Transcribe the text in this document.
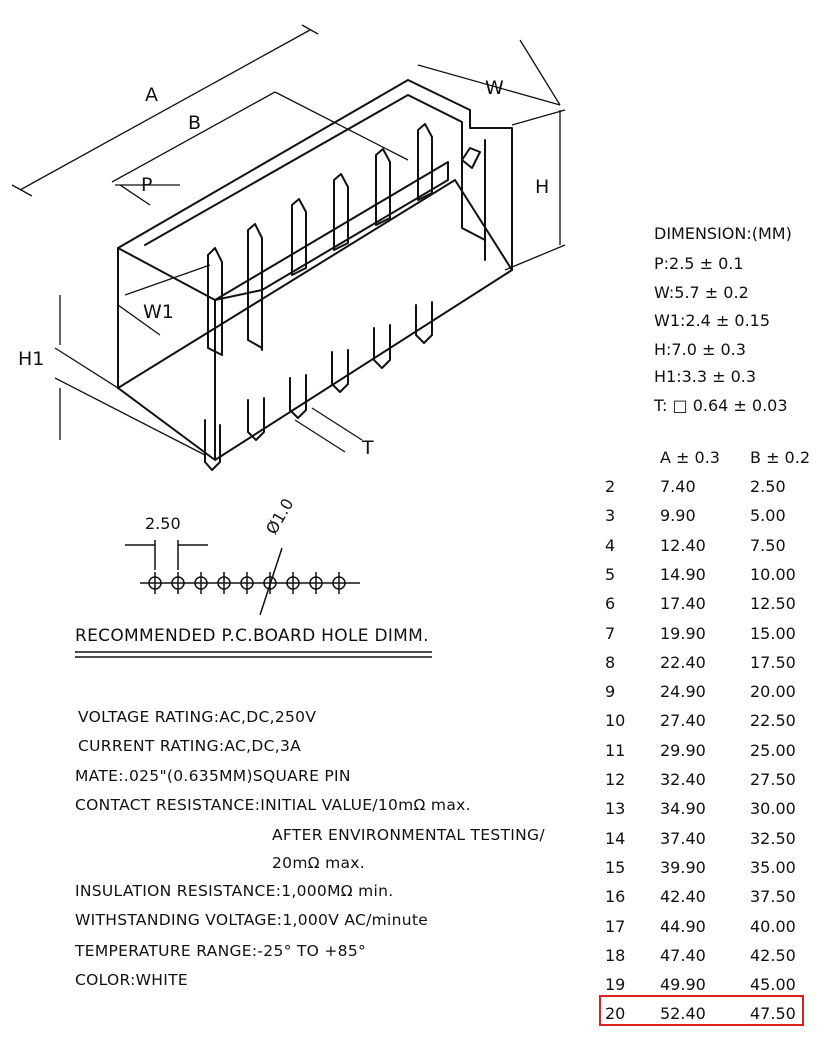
A
B
P
W
H
W1
H1
T
DIMENSION:(MM)
P:2.5 ± 0.1
W:5.7 ± 0.2
W1:2.4 ± 0.15
H:7.0 ± 0.3
H1:3.3 ± 0.3
T: □ 0.64 ± 0.03
2.50	Ø1.0
RECOMMENDED P.C.BOARD HOLE DIMM.
VOLTAGE RATING:AC,DC,250V
CURRENT RATING:AC,DC,3A
MATE:.025"(0.635MM)SQUARE PIN
CONTACT RESISTANCE:INITIAL VALUE/10mΩ max.
AFTER ENVIRONMENTAL TESTING/
20mΩ max.
INSULATION RESISTANCE:1,000MΩ min.
WITHSTANDING VOLTAGE:1,000V AC/minute
TEMPERATURE RANGE:-25° TO +85°
COLOR:WHITE
A ± 0.3 B ± 0.2
2	7.40	2.50
3	9.90	5.00
4	12.40	7.50
5	14.90	10.00
6	17.40	12.50
7	19.90	15.00
8	22.40	17.50
9	24.90	20.00
10 27.40	22.50
11 29.90	25.00
12 32.40	27.50
13 34.90	30.00
14 37.40	32.50
15 39.90	35.00
16 42.40	37.50
17 44.90	40.00
18 47.40	42.50
19 49.90	45.00
20 52.40	47.50
